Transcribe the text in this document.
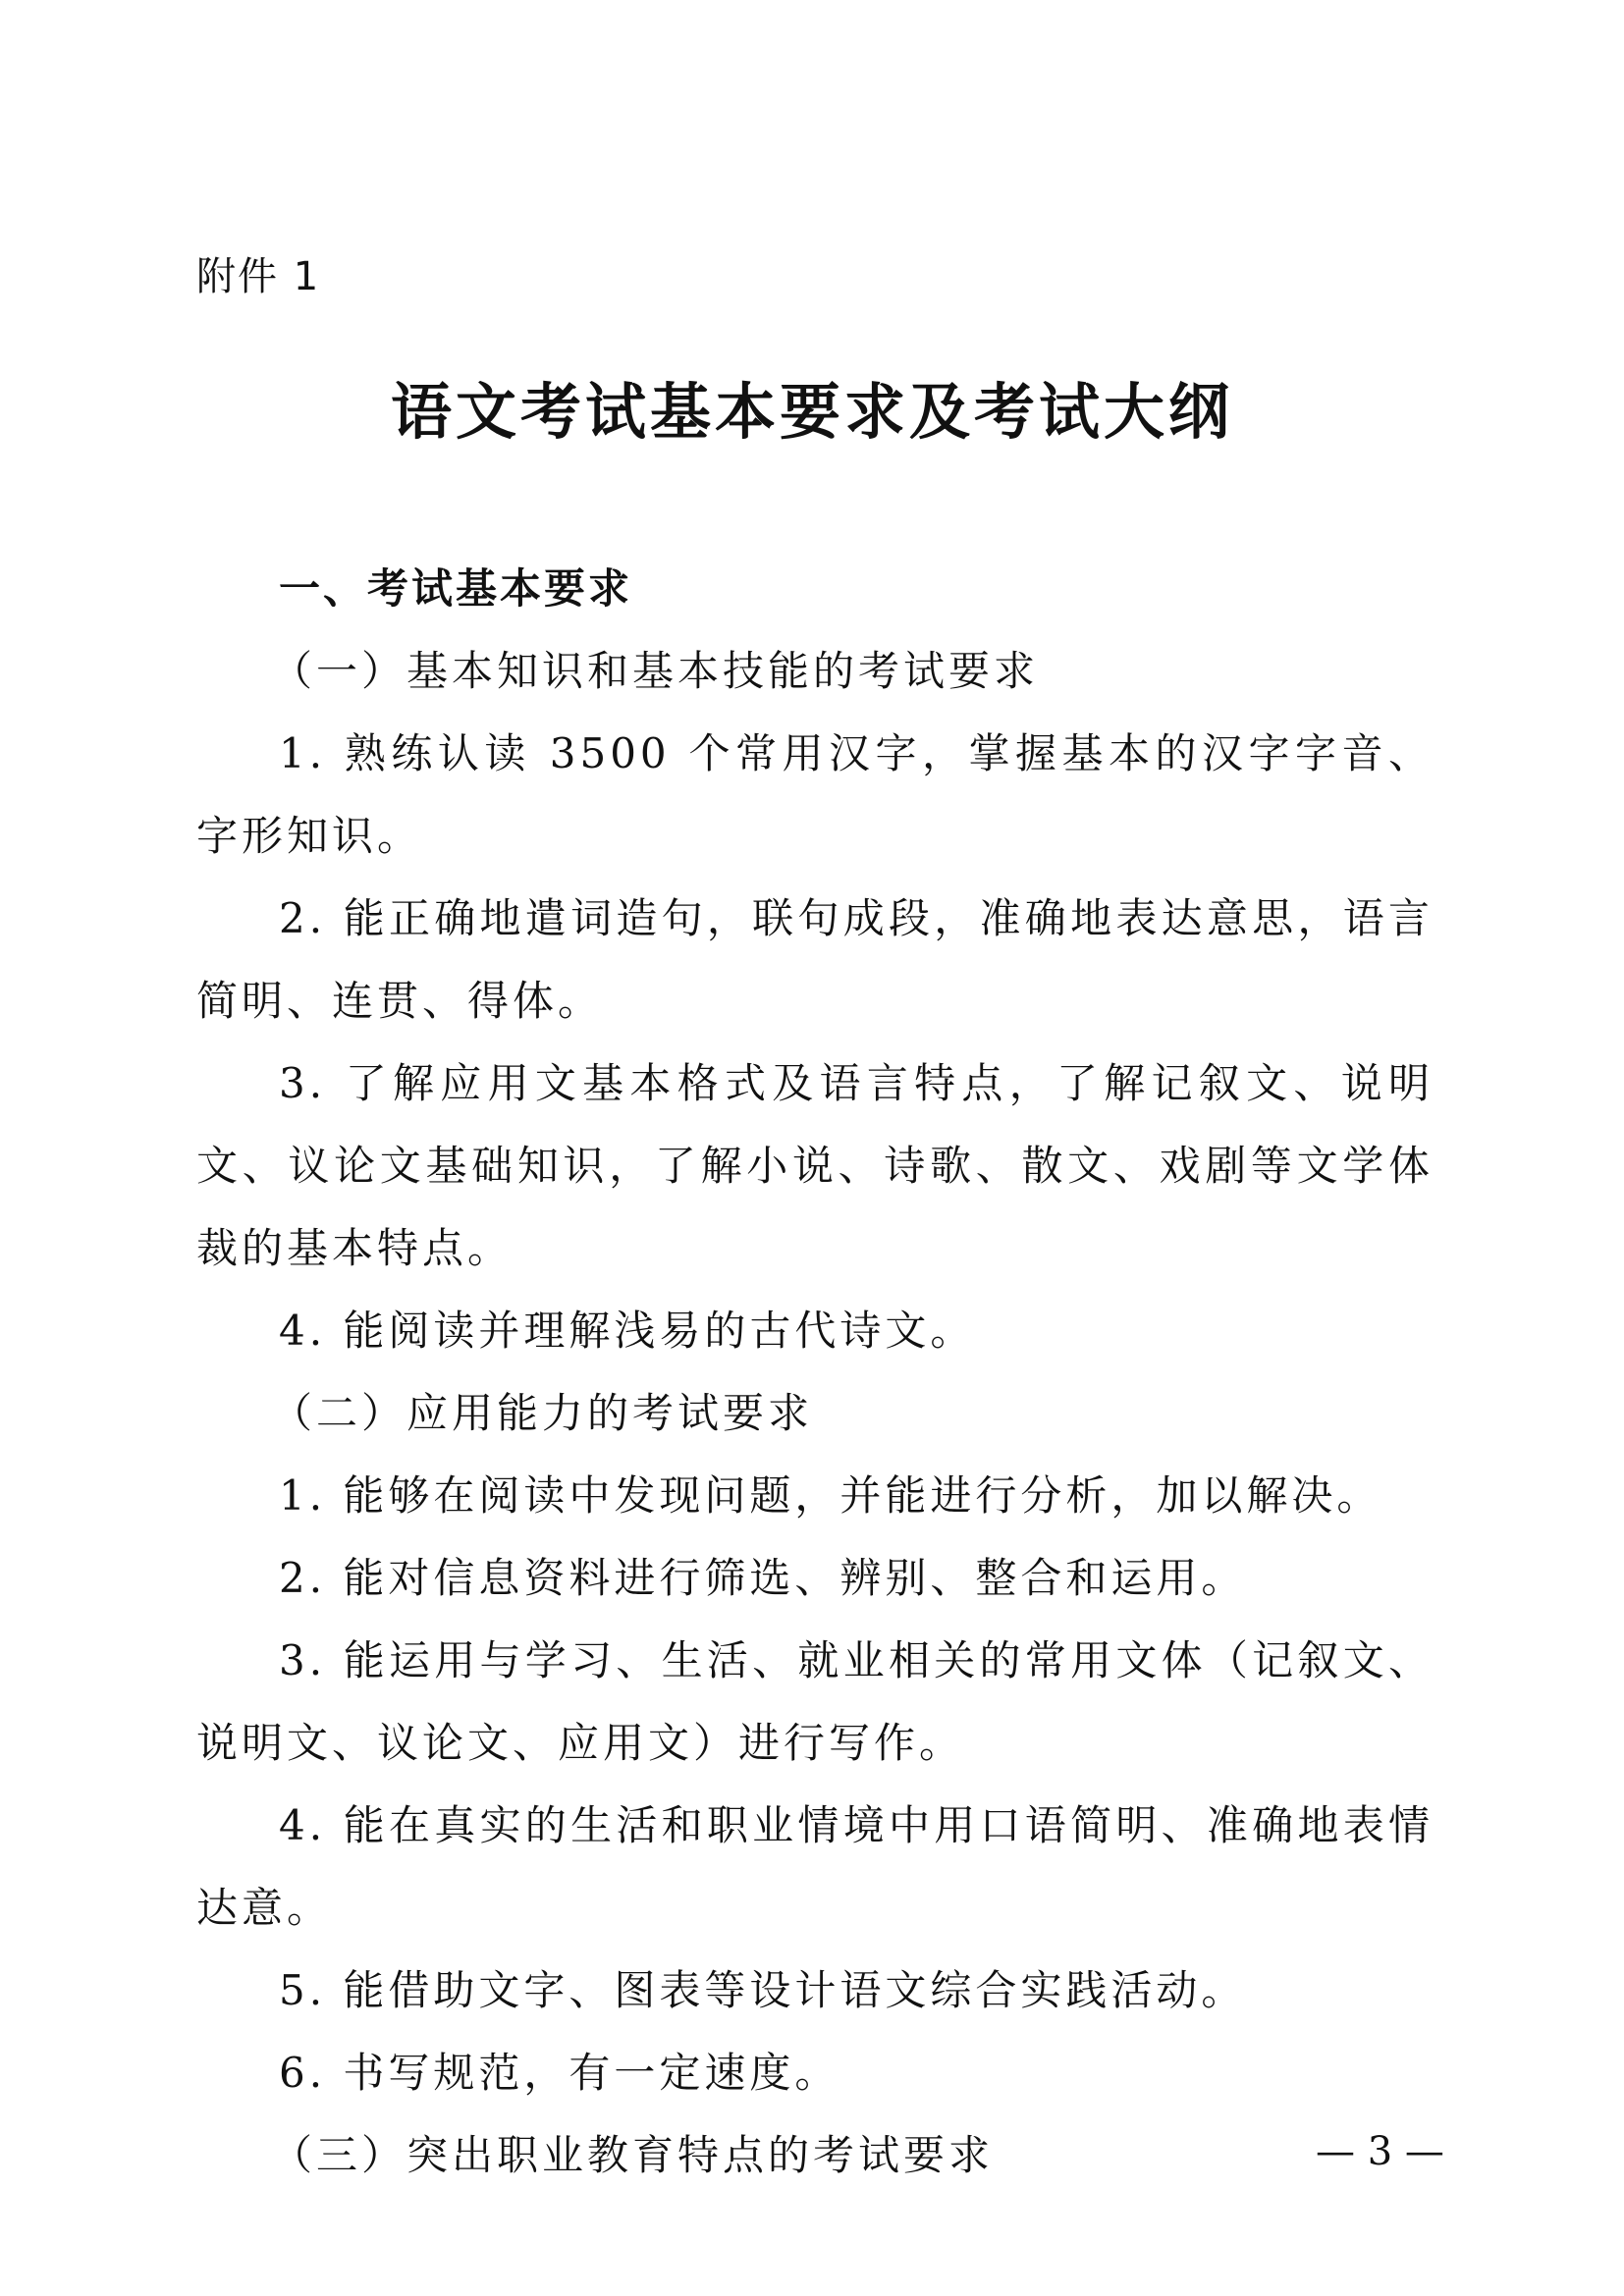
附件 1
语文考试基本要求及考试大纲
一、考试基本要求
（一）基本知识和基本技能的考试要求

1. 熟练认读 3500 个常用汉字，掌握基本的汉字字音、字形知识。

2. 能正确地遣词造句，联句成段，准确地表达意思，语言简明、连贯、得体。

3. 了解应用文基本格式及语言特点，了解记叙文、说明文、议论文基础知识，了解小说、诗歌、散文、戏剧等文学体裁的基本特点。

4. 能阅读并理解浅易的古代诗文。

（二）应用能力的考试要求

1. 能够在阅读中发现问题，并能进行分析，加以解决。

2. 能对信息资料进行筛选、辨别、整合和运用。

3. 能运用与学习、生活、就业相关的常用文体（记叙文、说明文、议论文、应用文）进行写作。

4. 能在真实的生活和职业情境中用口语简明、准确地表情达意。

5. 能借助文字、图表等设计语文综合实践活动。

6. 书写规范，有一定速度。

（三）突出职业教育特点的考试要求	— 3 —
